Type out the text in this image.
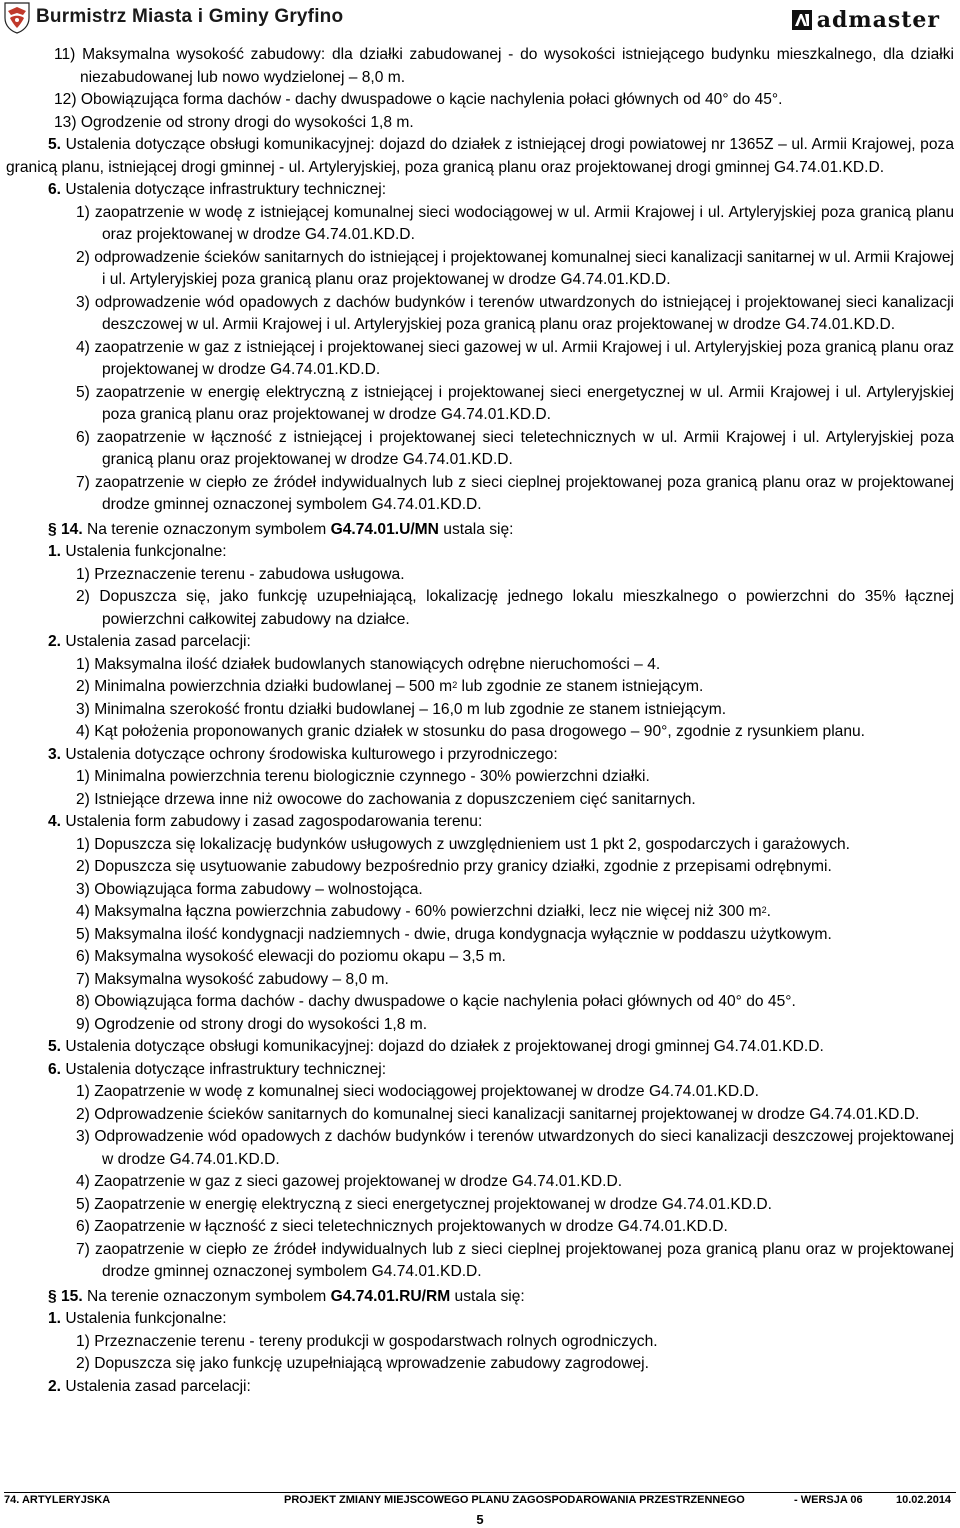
Burmistrz Miasta i Gminy Gryfino	admaster
11) Maksymalna wysokość zabudowy: dla działki zabudowanej - do wysokości istniejącego budynku mieszkalnego, dla działki niezabudowanej lub nowo wydzielonej – 8,0 m.
12) Obowiązująca forma dachów - dachy dwuspadowe o kącie nachylenia połaci głównych od 40° do 45°.
13) Ogrodzenie od strony drogi do wysokości 1,8 m.
5. Ustalenia dotyczące obsługi komunikacyjnej: dojazd do działek z istniejącej drogi powiatowej nr 1365Z – ul. Armii Krajowej, poza granicą planu, istniejącej drogi gminnej - ul. Artyleryjskiej, poza granicą planu oraz projektowanej drogi gminnej G4.74.01.KD.D.
6. Ustalenia dotyczące infrastruktury technicznej:
1) zaopatrzenie w wodę z istniejącej komunalnej sieci wodociągowej w ul. Armii Krajowej i ul. Artyleryjskiej poza granicą planu oraz projektowanej w drodze G4.74.01.KD.D.
2) odprowadzenie ścieków sanitarnych do istniejącej i projektowanej komunalnej sieci kanalizacji sanitarnej w ul. Armii Krajowej i ul. Artyleryjskiej poza granicą planu oraz projektowanej w drodze G4.74.01.KD.D.
3) odprowadzenie wód opadowych z dachów budynków i terenów utwardzonych do istniejącej i projektowanej sieci kanalizacji deszczowej w ul. Armii Krajowej i ul. Artyleryjskiej poza granicą planu oraz projektowanej w drodze G4.74.01.KD.D.
4) zaopatrzenie w gaz z istniejącej i projektowanej sieci gazowej w ul. Armii Krajowej i ul. Artyleryjskiej poza granicą planu oraz projektowanej w drodze G4.74.01.KD.D.
5) zaopatrzenie w energię elektryczną z istniejącej i projektowanej sieci energetycznej w ul. Armii Krajowej i ul. Artyleryjskiej poza granicą planu oraz projektowanej w drodze G4.74.01.KD.D.
6) zaopatrzenie w łączność z istniejącej i projektowanej sieci teletechnicznych w ul. Armii Krajowej i ul. Artyleryjskiej poza granicą planu oraz projektowanej w drodze G4.74.01.KD.D.
7) zaopatrzenie w ciepło ze źródeł indywidualnych lub z sieci cieplnej projektowanej poza granicą planu oraz w projektowanej drodze gminnej oznaczonej symbolem G4.74.01.KD.D.
§ 14. Na terenie oznaczonym symbolem G4.74.01.U/MN ustala się:
1. Ustalenia funkcjonalne:
1) Przeznaczenie terenu - zabudowa usługowa.
2) Dopuszcza się, jako funkcję uzupełniającą, lokalizację jednego lokalu mieszkalnego o powierzchni do 35% łącznej powierzchni całkowitej zabudowy na działce.
2. Ustalenia zasad parcelacji:
1) Maksymalna ilość działek budowlanych stanowiących odrębne nieruchomości – 4.
2) Minimalna powierzchnia działki budowlanej – 500 $m^2$ lub zgodnie ze stanem istniejącym.
3) Minimalna szerokość frontu działki budowlanej – 16,0 m lub zgodnie ze stanem istniejącym.
4) Kąt położenia proponowanych granic działek w stosunku do pasa drogowego – 90°, zgodnie z rysunkiem planu.
3. Ustalenia dotyczące ochrony środowiska kulturowego i przyrodniczego:
1) Minimalna powierzchnia terenu biologicznie czynnego - 30% powierzchni działki.
2) Istniejące drzewa inne niż owocowe do zachowania z dopuszczeniem cięć sanitarnych.
4. Ustalenia form zabudowy i zasad zagospodarowania terenu:
1) Dopuszcza się lokalizację budynków usługowych z uwzględnieniem ust 1 pkt 2, gospodarczych i garażowych.
2) Dopuszcza się usytuowanie zabudowy bezpośrednio przy granicy działki, zgodnie z przepisami odrębnymi.
3) Obowiązująca forma zabudowy – wolnostojąca.
4) Maksymalna łączna powierzchnia zabudowy - 60% powierzchni działki, lecz nie więcej niż 300 $m^2$.
5) Maksymalna ilość kondygnacji nadziemnych - dwie, druga kondygnacja wyłącznie w poddaszu użytkowym.
6) Maksymalna wysokość elewacji do poziomu okapu – 3,5 m.
7) Maksymalna wysokość zabudowy – 8,0 m.
8) Obowiązująca forma dachów - dachy dwuspadowe o kącie nachylenia połaci głównych od 40° do 45°.
9) Ogrodzenie od strony drogi do wysokości 1,8 m.
5. Ustalenia dotyczące obsługi komunikacyjnej: dojazd do działek z projektowanej drogi gminnej G4.74.01.KD.D.
6. Ustalenia dotyczące infrastruktury technicznej:
1) Zaopatrzenie w wodę z komunalnej sieci wodociągowej projektowanej w drodze G4.74.01.KD.D.
2) Odprowadzenie ścieków sanitarnych do komunalnej sieci kanalizacji sanitarnej projektowanej w drodze G4.74.01.KD.D.
3) Odprowadzenie wód opadowych z dachów budynków i terenów utwardzonych do sieci kanalizacji deszczowej projektowanej w drodze G4.74.01.KD.D.
4) Zaopatrzenie w gaz z sieci gazowej projektowanej w drodze G4.74.01.KD.D.
5) Zaopatrzenie w energię elektryczną z sieci energetycznej projektowanej w drodze G4.74.01.KD.D.
6) Zaopatrzenie w łączność z sieci teletechnicznych projektowanych w drodze G4.74.01.KD.D.
7) zaopatrzenie w ciepło ze źródeł indywidualnych lub z sieci cieplnej projektowanej poza granicą planu oraz w projektowanej drodze gminnej oznaczonej symbolem G4.74.01.KD.D.
§ 15. Na terenie oznaczonym symbolem G4.74.01.RU/RM ustala się:
1. Ustalenia funkcjonalne:
1) Przeznaczenie terenu - tereny produkcji w gospodarstwach rolnych ogrodniczych.
2) Dopuszcza się jako funkcję uzupełniającą wprowadzenie zabudowy zagrodowej.
2. Ustalenia zasad parcelacji:
74. ARTYLERYJSKA	PROJEKT ZMIANY MIEJSCOWEGO PLANU ZAGOSPODAROWANIA PRZESTRZENNEGO	- WERSJA 06	10.02.2014
5
